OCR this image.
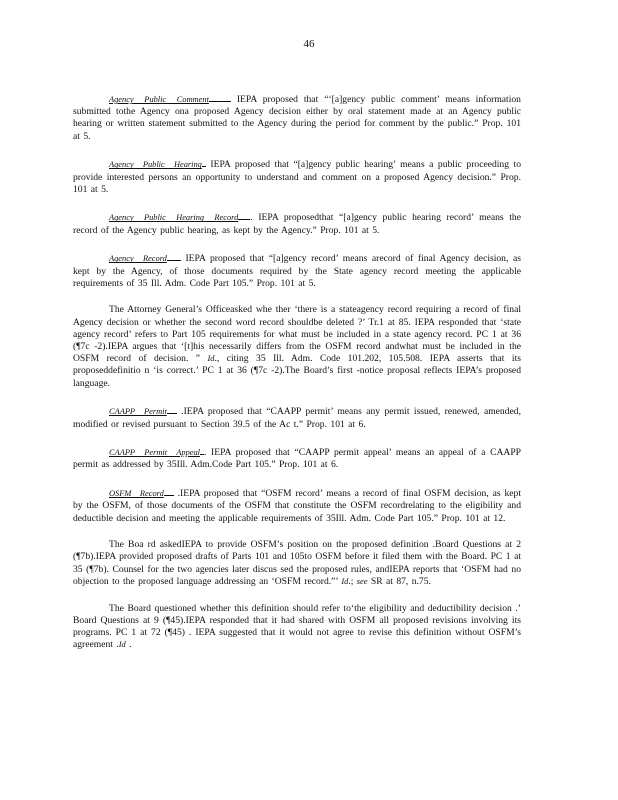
46

Agency Public Comment IEPA proposed that “‘[a]gency public comment’ means information submitted tothe Agency ona proposed Agency decision either by oral statement made at an Agency public hearing or written statement submitted to the Agency during the period for comment by the public.” Prop. 101 at 5.

Agency Public Hearing IEPA proposed that “[a]gency public hearing’ means a public proceeding to provide interested persons an opportunity to understand and comment on a proposed Agency decision.” Prop. 101 at 5.

Agency Public Hearing Record . IEPA proposedthat “[a]gency public hearing record’ means the record of the Agency public hearing, as kept by the Agency.” Prop. 101 at 5.

Agency Record IEPA proposed that “[a]gency record’ means arecord of final Agency decision, as kept by the Agency, of those documents required by the State agency record meeting the applicable requirements of 35 Ill. Adm. Code Part 105.” Prop. 101 at 5.

The Attorney General’s Officeasked whe ther ‘there is a stateagency record requiring a record of final Agency decision or whether the second word record shouldbe deleted ?’ Tr.1 at 85. IEPA responded that ‘state agency record’ refers to Part 105 requirements for what must be included in a state agency record. PC 1 at 36 (¶7c -2).IEPA argues that ‘[t]his necessarily differs from the OSFM record andwhat must be included in the OSFM record of decision. ” Id., citing 35 Ill. Adm. Code 101.202, 105.508. IEPA asserts that its proposeddefinitio n ‘is correct.’ PC 1 at 36 (¶7c -2).The Board’s first -notice proposal reflects IEPA’s proposed language.

CAAPP Permit .IEPA proposed that “CAAPP permit’ means any permit issued, renewed, amended, modified or revised pursuant to Section 39.5 of the Ac t.” Prop. 101 at 6.

CAAPP Permit Appeal . IEPA proposed that “CAAPP permit appeal’ means an appeal of a CAAPP permit as addressed by 35Ill. Adm.Code Part 105.” Prop. 101 at 6.

OSFM Record .IEPA proposed that “OSFM record’ means a record of final OSFM decision, as kept by the OSFM, of those documents of the OSFM that constitute the OSFM recordrelating to the eligibility and deductible decision and meeting the applicable requirements of 35Ill. Adm. Code Part 105.” Prop. 101 at 12.

The Boa rd askedIEPA to provide OSFM’s position on the proposed definition .Board Questions at 2 (¶7b).IEPA provided proposed drafts of Parts 101 and 105to OSFM before it filed them with the Board. PC 1 at 35 (¶7b). Counsel for the two agencies later discus sed the proposed rules, andIEPA reports that ‘OSFM had no objection to the proposed language addressing an ‘OSFM record.”’ Id.; see SR at 87, n.75.

The Board questioned whether this definition should refer to‘the eligibility and deductibility decision .’ Board Questions at 9 (¶45).IEPA responded that it had shared with OSFM all proposed revisions involving its programs. PC 1 at 72 (¶45) . IEPA suggested that it would not agree to revise this definition without OSFM’s agreement .Id .
